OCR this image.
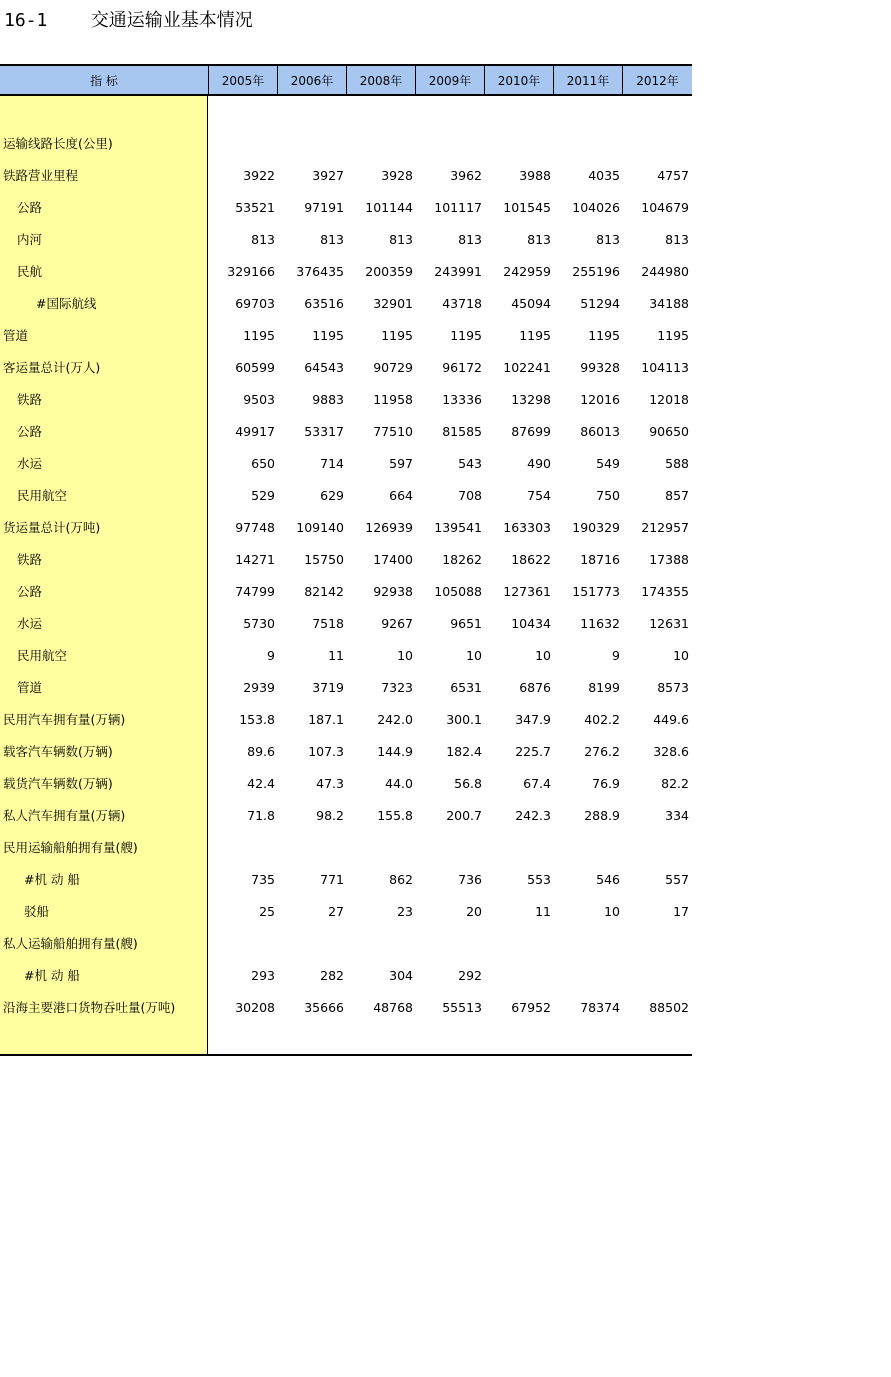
16-1    交通运输业基本情况
指 标	2005年	2006年	2008年	2009年	2010年	2011年	2012年
运输线路长度(公里)
铁路营业里程	3922	3927	3928	3962	3988	4035	4757
公路	53521	97191	101144	101117	101545	104026	104679
内河	813	813	813	813	813	813	813
民航	329166	376435	200359	243991	242959	255196	244980
#国际航线	69703	63516	32901	43718	45094	51294	34188
管道	1195	1195	1195	1195	1195	1195	1195
客运量总计(万人)	60599	64543	90729	96172	102241	99328	104113
铁路	9503	9883	11958	13336	13298	12016	12018
公路	49917	53317	77510	81585	87699	86013	90650
水运	650	714	597	543	490	549	588
民用航空	529	629	664	708	754	750	857
货运量总计(万吨)	97748	109140	126939	139541	163303	190329	212957
铁路	14271	15750	17400	18262	18622	18716	17388
公路	74799	82142	92938	105088	127361	151773	174355
水运	5730	7518	9267	9651	10434	11632	12631
民用航空	9	11	10	10	10	9	10
管道	2939	3719	7323	6531	6876	8199	8573
民用汽车拥有量(万辆)	153.8	187.1	242.0	300.1	347.9	402.2	449.6
载客汽车辆数(万辆)	89.6	107.3	144.9	182.4	225.7	276.2	328.6
载货汽车辆数(万辆)	42.4	47.3	44.0	56.8	67.4	76.9	82.2
私人汽车拥有量(万辆)	71.8	98.2	155.8	200.7	242.3	288.9	334
民用运输船舶拥有量(艘)
#机 动 船	735	771	862	736	553	546	557
驳船	25	27	23	20	11	10	17
私人运输船舶拥有量(艘)
#机 动 船	293	282	304	292
沿海主要港口货物吞吐量(万吨)	30208	35666	48768	55513	67952	78374	88502
